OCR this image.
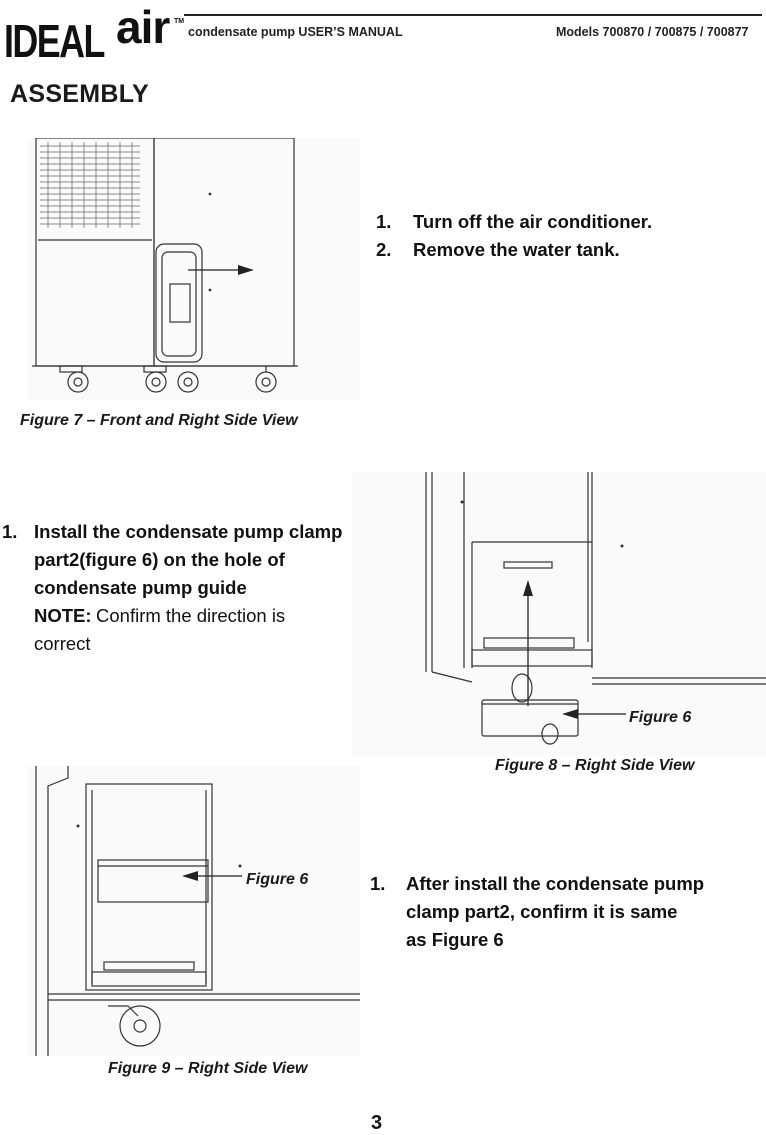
IDEAL air TM
condensate pump USER’S MANUAL	Models 700870 / 700875 / 700877
ASSEMBLY
Figure 7 – Front and Right Side View
1. Turn off the air conditioner.
2. Remove the water tank.
1. Install the condensate pump clamp
part2(figure 6) on the hole of
condensate pump guide
NOTE: Confirm the direction is
correct
Figure 6
Figure 8 – Right Side View
Figure 6
Figure 9 – Right Side View
1. After install the condensate pump
clamp part2, confirm it is same
as Figure 6
3
